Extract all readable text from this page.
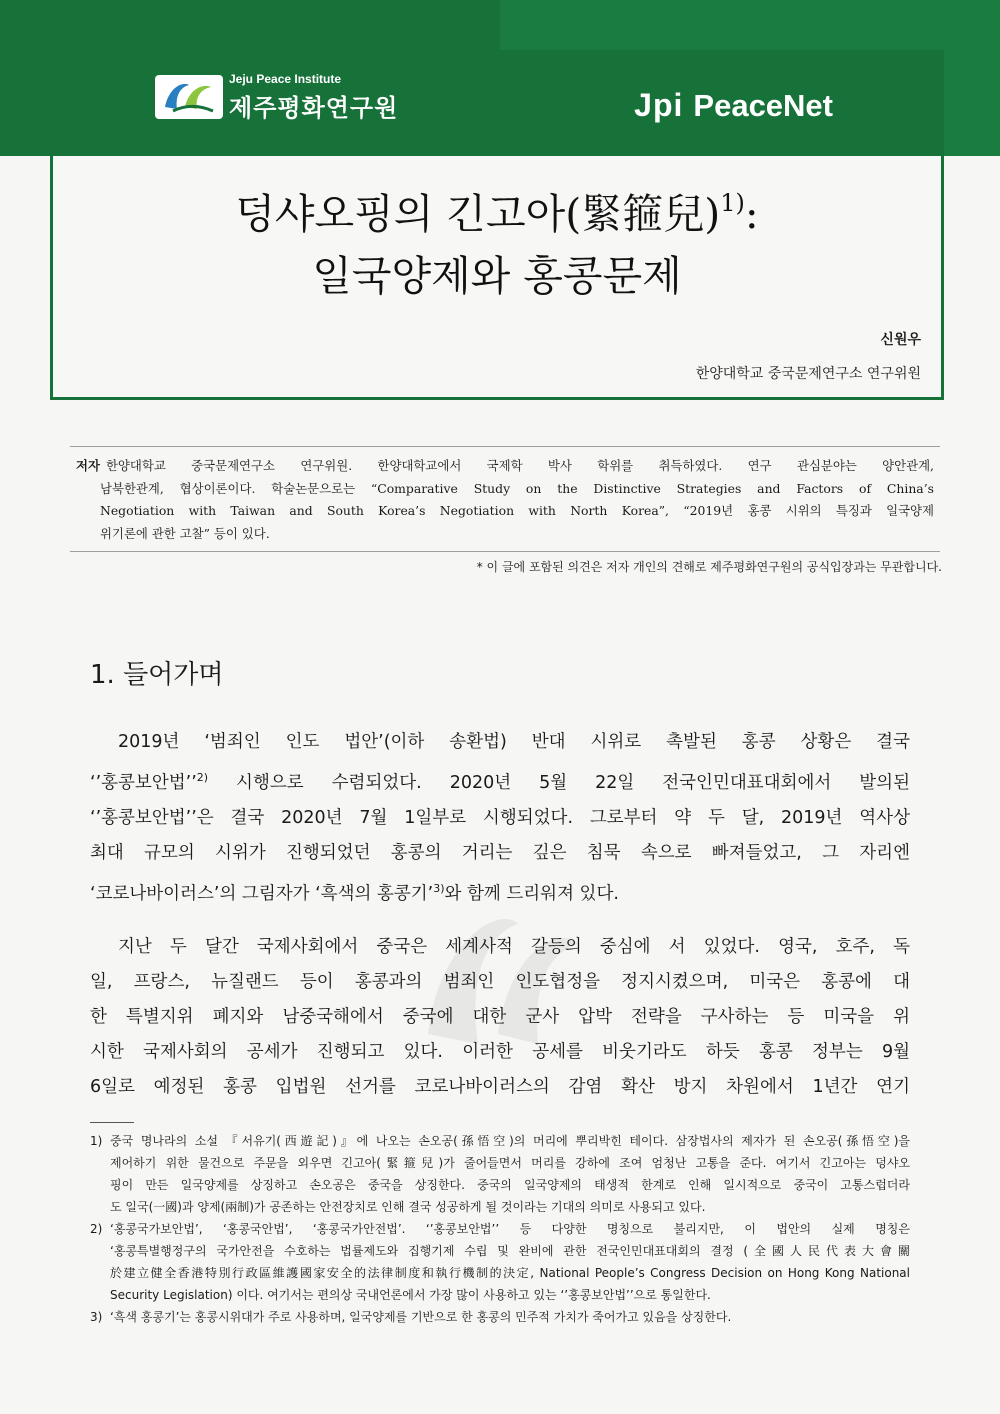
Jeju Peace Institute
제주평화연구원	Jpi PeaceNet
덩샤오핑의 긴고아(緊箍兒)$^{1)}$:
일국양제와 홍콩문제
신원우
한양대학교 중국문제연구소 연구위원
저자 한양대학교 중국문제연구소 연구위원. 한양대학교에서 국제학 박사 학위를 취득하였다. 연구 관심분야는 양안관계,
남북한관계, 협상이론이다. 학술논문으로는 “Comparative Study on the Distinctive Strategies and Factors of China’s
Negotiation with Taiwan and South Korea’s Negotiation with North Korea”, “2019년 홍콩 시위의 특징과 일국양제
위기론에 관한 고찰” 등이 있다.
* 이 글에 포함된 의견은 저자 개인의 견해로 제주평화연구원의 공식입장과는 무관합니다.
1. 들어가며
2019년 ‘범죄인 인도 법안’(이하 송환법) 반대 시위로 촉발된 홍콩 상황은 결국
‘’홍콩보안법’’$^{2)}$ 시행으로 수렴되었다. 2020년 5월 22일 전국인민대표대회에서 발의된
‘’홍콩보안법’’은 결국 2020년 7월 1일부로 시행되었다. 그로부터 약 두 달, 2019년 역사상
최대 규모의 시위가 진행되었던 홍콩의 거리는 깊은 침묵 속으로 빠져들었고, 그 자리엔
‘코로나바이러스’의 그림자가 ‘흑색의 홍콩기’$^{3)}$와 함께 드리워져 있다.
지난 두 달간 국제사회에서 중국은 세계사적 갈등의 중심에 서 있었다. 영국, 호주, 독
일, 프랑스, 뉴질랜드 등이 홍콩과의 범죄인 인도협정을 정지시켰으며, 미국은 홍콩에 대
한 특별지위 폐지와 남중국해에서 중국에 대한 군사 압박 전략을 구사하는 등 미국을 위
시한 국제사회의 공세가 진행되고 있다. 이러한 공세를 비웃기라도 하듯 홍콩 정부는 9월
6일로 예정된 홍콩 입법원 선거를 코로나바이러스의 감염 확산 방지 차원에서 1년간 연기
1) 중국 명나라의 소설 『서유기(西遊記)』에 나오는 손오공(孫悟空)의 머리에 뿌리박힌 테이다. 삼장법사의 제자가 된 손오공(孫悟空)을
제어하기 위한 물건으로 주문을 외우면 긴고아(緊箍兒)가 줄어들면서 머리를 강하에 조여 엄청난 고통을 준다. 여기서 긴고아는 덩샤오
핑이 만든 일국양제를 상징하고 손오공은 중국을 상징한다. 중국의 일국양제의 태생적 한계로 인해 일시적으로 중국이 고통스럽더라
도 일국(一國)과 양제(兩制)가 공존하는 안전장치로 인해 결국 성공하게 될 것이라는 기대의 의미로 사용되고 있다.
2) ‘홍콩국가보안법’, ‘홍콩국안법’, ‘홍콩국가안전법’. ‘’홍콩보안법’’ 등 다양한 명칭으로 불리지만, 이 법안의 실제 명칭은
‘홍콩특별행정구의 국가안전을 수호하는 법률제도와 집행기제 수립 및 완비에 관한 전국인민대표대회의 결정 (全國人民代表大會關
於建立健全香港特別行政區維護國家安全的法律制度和執行機制的決定, National People’s Congress Decision on Hong Kong National
Security Legislation) 이다. 여기서는 편의상 국내언론에서 가장 많이 사용하고 있는 ‘’홍콩보안법’’으로 통일한다.
3) ‘흑색 홍콩기’는 홍콩시위대가 주로 사용하며, 일국양제를 기반으로 한 홍콩의 민주적 가치가 죽어가고 있음을 상징한다.
